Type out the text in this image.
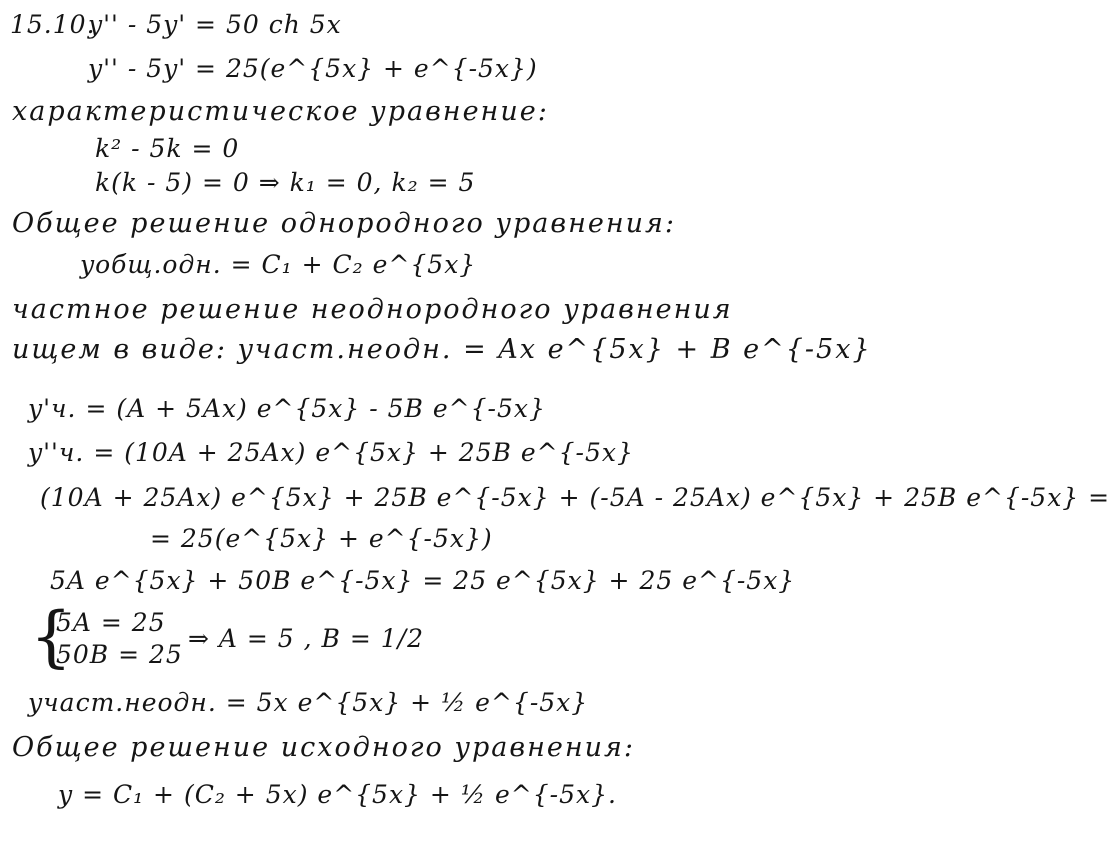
15.10.
y'' - 5y' = 50 ch 5x
y'' - 5y' = 25(e^{5x} + e^{-5x})
характеристическое уравнение:
k² - 5k = 0
k(k - 5) = 0 ⇒ k₁ = 0, k₂ = 5
Общее решение однородного уравнения:
yобщ.одн. = C₁ + C₂ e^{5x}
частное решение неоднородного уравнения
ищем в виде: yчаст.неодн. = Ax e^{5x} + B e^{-5x}
y'ч. = (A + 5Ax) e^{5x} - 5B e^{-5x}
y''ч. = (10A + 25Ax) e^{5x} + 25B e^{-5x}
(10A + 25Ax) e^{5x} + 25B e^{-5x} + (-5A - 25Ax) e^{5x} + 25B e^{-5x} =
= 25(e^{5x} + e^{-5x})
5A e^{5x} + 50B e^{-5x} = 25 e^{5x} + 25 e^{-5x}
{
5A = 25
50B = 25
⇒ A = 5 , B = 1/2
yчаст.неодн. = 5x e^{5x} + ½ e^{-5x}
Общее решение исходного уравнения:
y = C₁ + (C₂ + 5x) e^{5x} + ½ e^{-5x}.
